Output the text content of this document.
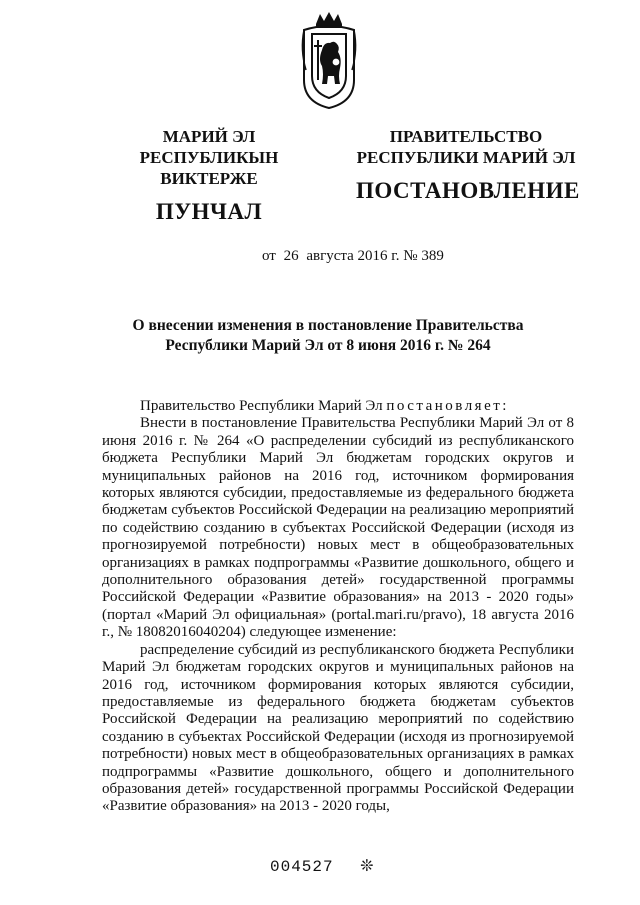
МАРИЙ ЭЛ РЕСПУБЛИКЫН
ВИКТЕРЖЕ
ПУНЧАЛ
ПРАВИТЕЛЬСТВО
РЕСПУБЛИКИ МАРИЙ ЭЛ
ПОСТАНОВЛЕНИЕ
от 26 августа 2016 г. № 389
О внесении изменения в постановление Правительства
Республики Марий Эл от 8 июня 2016 г. № 264

Правительство Республики Марий Эл постановляет:

Внести в постановление Правительства Республики Марий Эл от 8 июня 2016 г. № 264 «О распределении субсидий из республиканского бюджета Республики Марий Эл бюджетам городских округов и муниципальных районов на 2016 год, источником формирования которых являются субсидии, предоставляемые из федерального бюджета бюджетам субъектов Российской Федерации на реализацию мероприятий по содействию созданию в субъектах Российской Федерации (исходя из прогнозируемой потребности) новых мест в общеобразовательных организациях в рамках подпрограммы «Развитие дошкольного, общего и дополнительного образования детей» государственной программы Российской Федерации «Развитие образования» на 2013 - 2020 годы» (портал «Марий Эл официальная» (portal.mari.ru/pravo), 18 августа 2016 г., № 18082016040204) следующее изменение:

распределение субсидий из республиканского бюджета Республики Марий Эл бюджетам городских округов и муниципальных районов на 2016 год, источником формирования которых являются субсидии, предоставляемые из федерального бюджета бюджетам субъектов Российской Федерации на реализацию мероприятий по содействию созданию в субъектах Российской Федерации (исходя из прогнозируемой потребности) новых мест в общеобразовательных организациях в рамках подпрограммы «Развитие дошкольного, общего и дополнительного образования детей» государственной программы Российской Федерации «Развитие образования» на 2013 - 2020 годы,

004527 ❊
